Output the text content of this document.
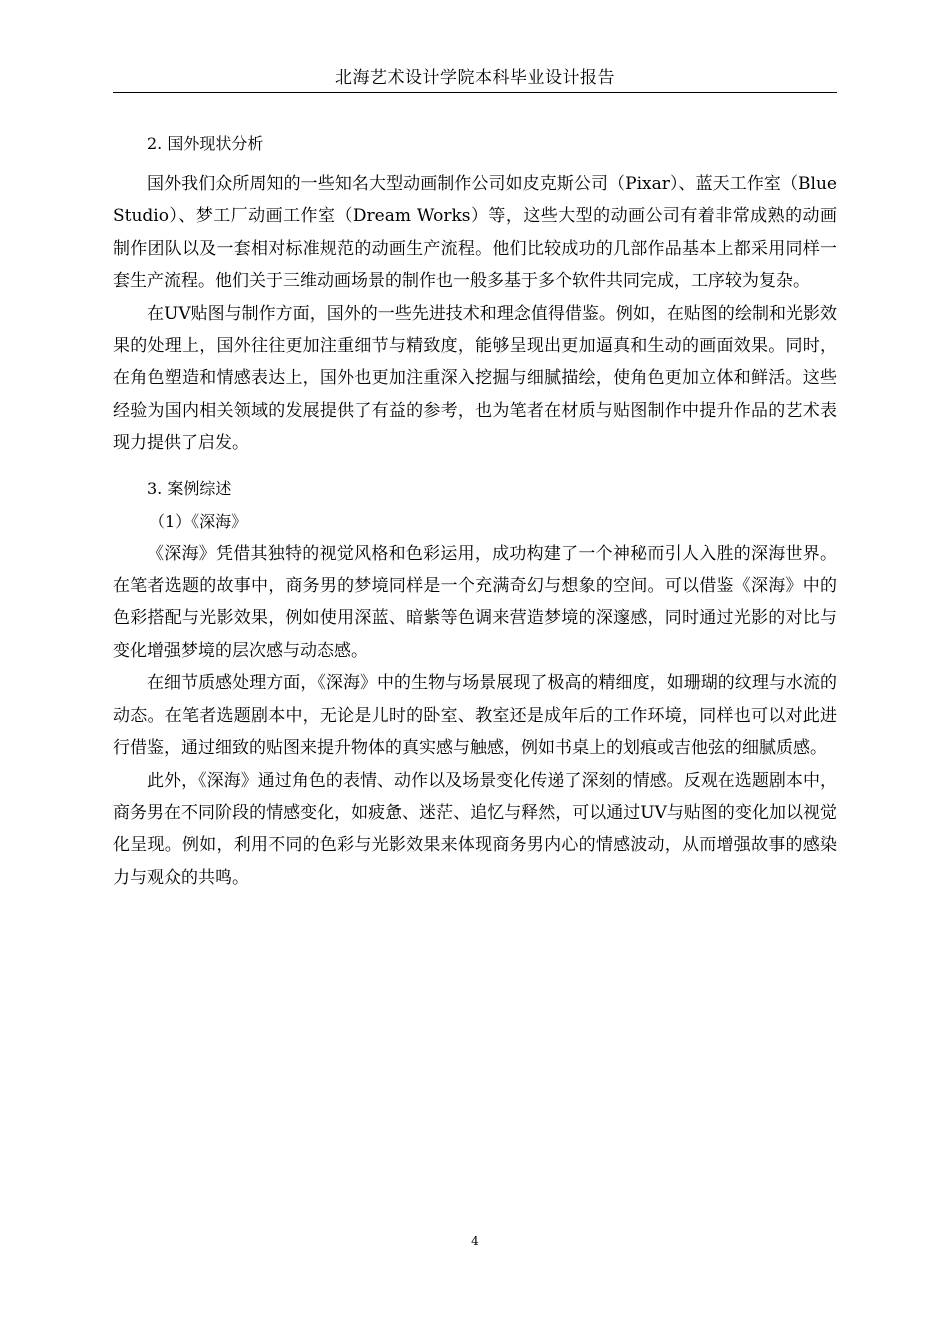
北海艺术设计学院本科毕业设计报告

2. 国外现状分析

国外我们众所周知的一些知名大型动画制作公司如皮克斯公司（Pixar）、蓝天工作室（Blue Studio）、梦工厂动画工作室（Dream Works）等，这些大型的动画公司有着非常成熟的动画制作团队以及一套相对标准规范的动画生产流程。他们比较成功的几部作品基本上都采用同样一套生产流程。他们关于三维动画场景的制作也一般多基于多个软件共同完成，工序较为复杂。

在UV贴图与制作方面，国外的一些先进技术和理念值得借鉴。例如，在贴图的绘制和光影效果的处理上，国外往往更加注重细节与精致度，能够呈现出更加逼真和生动的画面效果。同时，在角色塑造和情感表达上，国外也更加注重深入挖掘与细腻描绘，使角色更加立体和鲜活。这些经验为国内相关领域的发展提供了有益的参考，也为笔者在材质与贴图制作中提升作品的艺术表现力提供了启发。

3. 案例综述

（1）《深海》

《深海》凭借其独特的视觉风格和色彩运用，成功构建了一个神秘而引人入胜的深海世界。在笔者选题的故事中，商务男的梦境同样是一个充满奇幻与想象的空间。可以借鉴《深海》中的色彩搭配与光影效果，例如使用深蓝、暗紫等色调来营造梦境的深邃感，同时通过光影的对比与变化增强梦境的层次感与动态感。

在细节质感处理方面，《深海》中的生物与场景展现了极高的精细度，如珊瑚的纹理与水流的动态。在笔者选题剧本中，无论是儿时的卧室、教室还是成年后的工作环境，同样也可以对此进行借鉴，通过细致的贴图来提升物体的真实感与触感，例如书桌上的划痕或吉他弦的细腻质感。

此外，《深海》通过角色的表情、动作以及场景变化传递了深刻的情感。反观在选题剧本中，商务男在不同阶段的情感变化，如疲惫、迷茫、追忆与释然，可以通过UV与贴图的变化加以视觉化呈现。例如，利用不同的色彩与光影效果来体现商务男内心的情感波动，从而增强故事的感染力与观众的共鸣。

4
